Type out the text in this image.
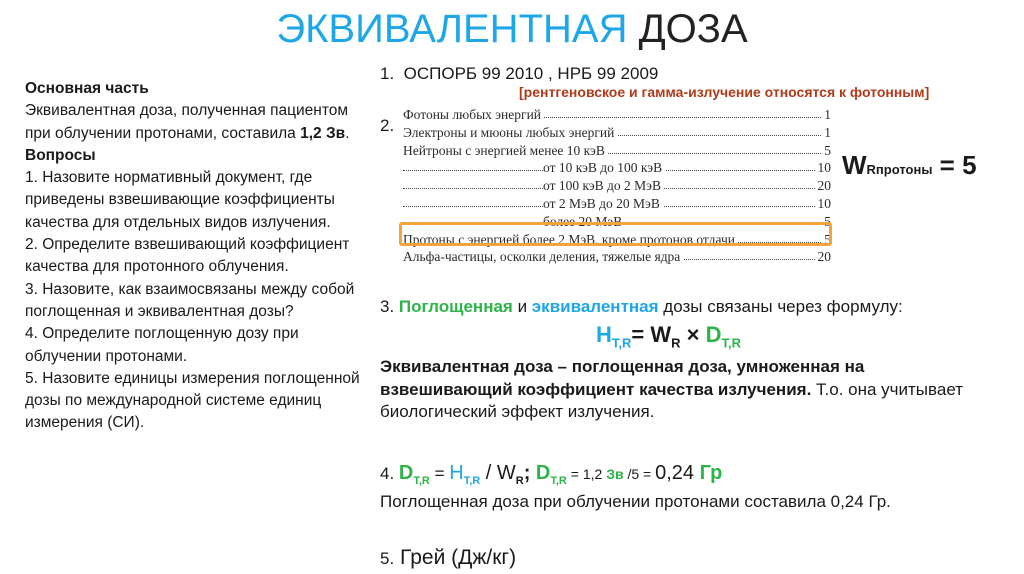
ЭКВИВАЛЕНТНАЯ ДОЗА

Основная часть

Эквивалентная доза, полученная пациентом при облучении протонами, составила 1,2 Зв.

Вопросы

1. Назовите нормативный документ, где приведены взвешивающие коэффициенты качества для отдельных видов излучения.

2. Определите взвешивающий коэффициент качества для протонного облучения.

3. Назовите, как взаимосвязаны между собой поглощенная и эквивалентная дозы?

4. Определите поглощенную дозу при облучении протонами.

5. Назовите единицы измерения поглощенной дозы по международной системе единиц измерения (СИ).

1. ОСПОРБ 99 2010 , НРБ 99 2009
[рентгеновское и гамма-излучение относятся к фотонным]
2.
Фотоны любых энергий	1
Электроны и мюоны любых энергий	1
Нейтроны с энергией менее 10 кэВ	5
от 10 кэВ до 100 кэВ	10
от 100 кэВ до 2 МэВ	20
от 2 МэВ до 20 МэВ	10
более 20 МэВ	5
Протоны с энергией более 2 МэВ, кроме протонов отдачи	5
Альфа-частицы, осколки деления, тяжелые ядра	20
WRпротоны = 5
3. Поглощенная и эквивалентная дозы связаны через формулу:
$H_{T,R}= W_R \times D_{T,R}$
Эквивалентная доза – поглощенная доза, умноженная на взвешивающий коэффициент качества излучения. Т.о. она учитывает биологический эффект излучения.
4. $D_{T,R} = H_{T,R} / W_R$; $D_{T,R} = 1,2$ Зв /5 = 0,24 Гр
Поглощенная доза при облучении протонами составила 0,24 Гр.
5. Грей (Дж/кг)
